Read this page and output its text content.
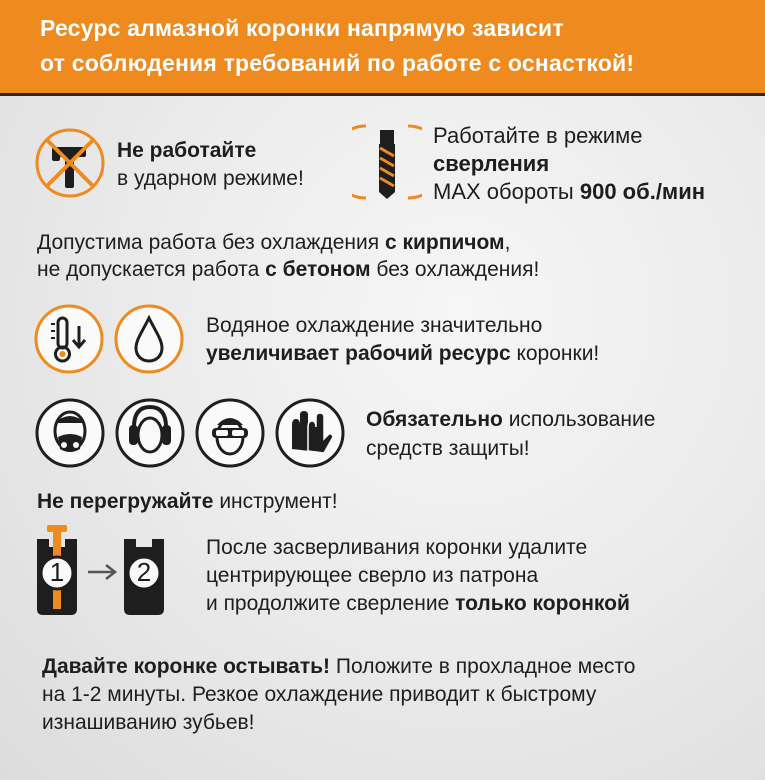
Ресурс алмазной коронки напрямую зависит
от соблюдения требований по работе с оснасткой!
Не работайте
в ударном режиме!
Работайте в режиме
сверления
MAX обороты 900 об./мин
Допустима работа без охлаждения с кирпичом,
не допускается работа с бетоном без охлаждения!
Водяное охлаждение значительно
увеличивает рабочий ресурс коронки!
Обязательно использование
средств защиты!
Не перегружайте инструмент!
1	2
После засверливания коронки удалите
центрирующее сверло из патрона
и продолжите сверление только коронкой
Давайте коронке остывать! Положите в прохладное место
на 1-2 минуты. Резкое охлаждение приводит к быстрому
изнашиванию зубьев!
